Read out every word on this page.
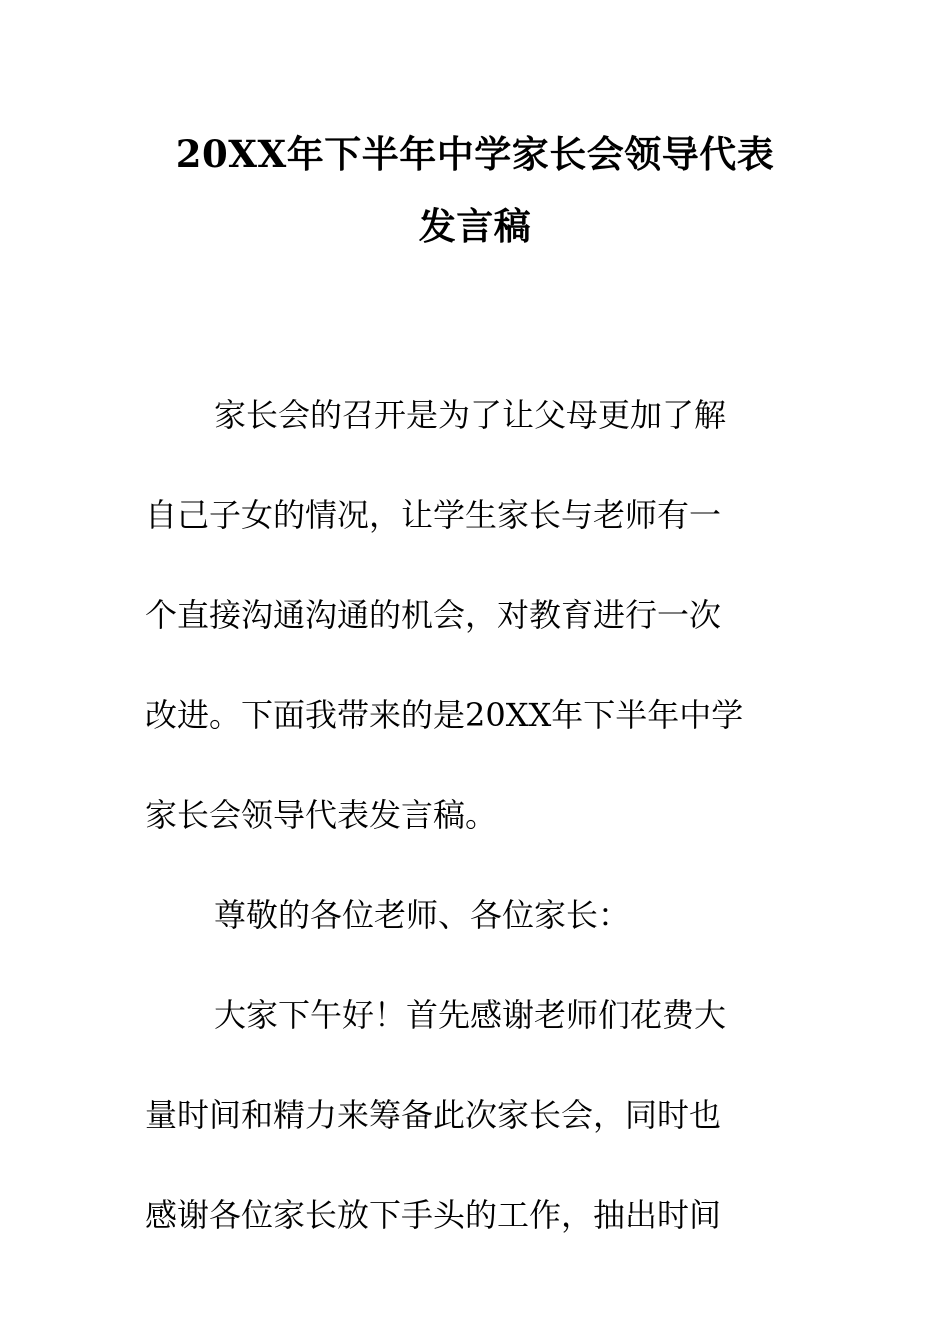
20XX年下半年中学家长会领导代表
发言稿
家长会的召开是为了让父母更加了解
自己子女的情况，让学生家长与老师有一
个直接沟通沟通的机会，对教育进行一次
改进。下面我带来的是20XX年下半年中学
家长会领导代表发言稿。
尊敬的各位老师、各位家长：
大家下午好！首先感谢老师们花费大
量时间和精力来筹备此次家长会，同时也
感谢各位家长放下手头的工作，抽出时间
